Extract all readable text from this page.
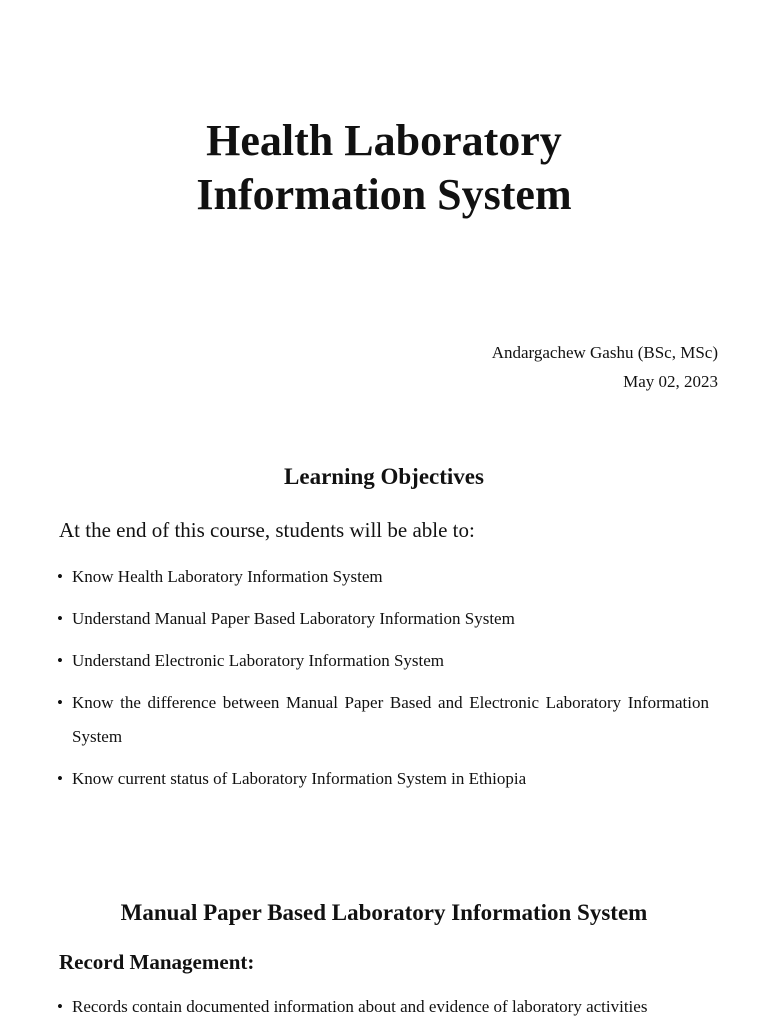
Health Laboratory
Information System
Andargachew Gashu (BSc, MSc)
May 02, 2023
Learning Objectives
At the end of this course, students will be able to:
• Know Health Laboratory Information System
• Understand Manual Paper Based Laboratory Information System
• Understand Electronic Laboratory Information System
• Know the difference between Manual Paper Based and Electronic Laboratory Information System
• Know current status of Laboratory Information System in Ethiopia
Manual Paper Based Laboratory Information System
Record Management:
• Records contain documented information about and evidence of laboratory activities
